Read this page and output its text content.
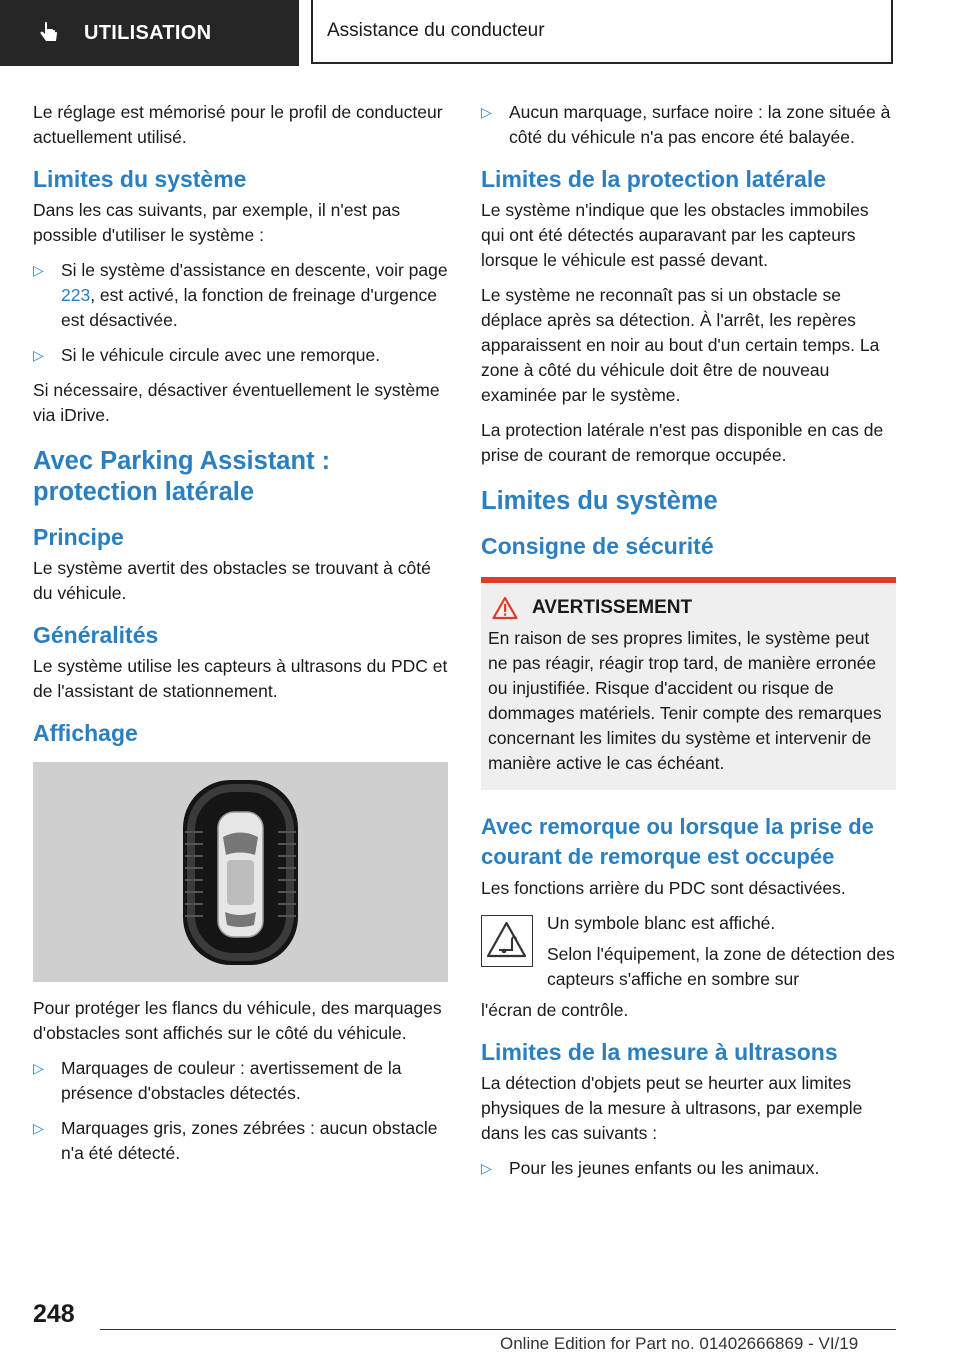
UTILISATION	Assistance du conducteur

Le réglage est mémorisé pour le profil de conducteur actuellement utilisé.

Limites du système

Dans les cas suivants, par exemple, il n'est pas possible d'utiliser le système :

▷ Si le système d'assistance en descente, voir page 223, est activé, la fonction de freinage d'urgence est désactivée.
▷ Si le véhicule circule avec une remorque.

Si nécessaire, désactiver éventuellement le système via iDrive.

Avec Parking Assistant : protection latérale
Principe

Le système avertit des obstacles se trouvant à côté du véhicule.

Généralités

Le système utilise les capteurs à ultrasons du PDC et de l'assistant de stationnement.

Affichage

Pour protéger les flancs du véhicule, des marquages d'obstacles sont affichés sur le côté du véhicule.

▷ Marquages de couleur : avertissement de la présence d'obstacles détectés.
▷ Marquages gris, zones zébrées : aucun obstacle n'a été détecté.
▷ Aucun marquage, surface noire : la zone située à côté du véhicule n'a pas encore été balayée.
Limites de la protection latérale

Le système n'indique que les obstacles immobiles qui ont été détectés auparavant par les capteurs lorsque le véhicule est passé devant.

Le système ne reconnaît pas si un obstacle se déplace après sa détection. À l'arrêt, les repères apparaissent en noir au bout d'un certain temps. La zone à côté du véhicule doit être de nouveau examinée par le système.

La protection latérale n'est pas disponible en cas de prise de courant de remorque occupée.

Limites du système
Consigne de sécurité
AVERTISSEMENT
En raison de ses propres limites, le système peut ne pas réagir, réagir trop tard, de manière erronée ou injustifiée. Risque d'accident ou risque de dommages matériels. Tenir compte des remarques concernant les limites du système et intervenir de manière active le cas échéant.
Avec remorque ou lorsque la prise de courant de remorque est occupée

Les fonctions arrière du PDC sont désactivées.

Un symbole blanc est affiché.

Selon l'équipement, la zone de détection des capteurs s'affiche en sombre sur

l'écran de contrôle.

Limites de la mesure à ultrasons

La détection d'objets peut se heurter aux limites physiques de la mesure à ultrasons, par exemple dans les cas suivants :

▷ Pour les jeunes enfants ou les animaux.
248
Online Edition for Part no. 01402666869 - VI/19
